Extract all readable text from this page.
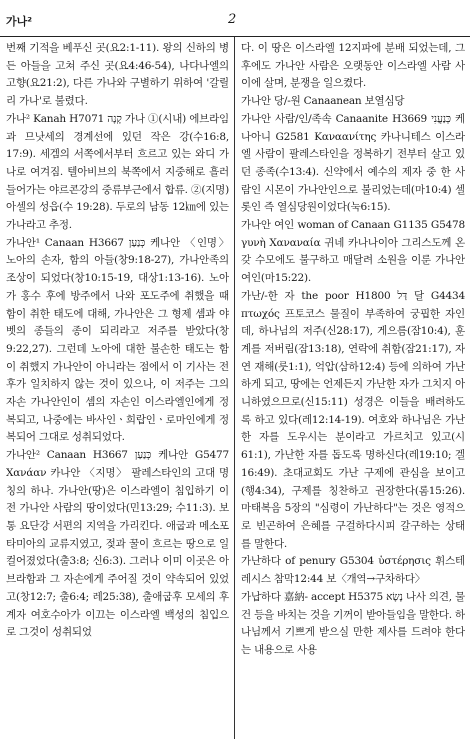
가나²	2

번째 기적을 베푸신 곳(요2:1-11). 왕의 신하의 병든 아들을 고쳐 주신 곳(요4:46-54), 나다나엘의 고향(요21:2), 다른 가나와 구별하기 위하여 '갈릴리 가나'로 불렸다.

가나² Kanah H7071 קָנָה 가나 ①(시내) 에브라임과 므낫세의 경계선에 있던 작은 강(수16:8, 17:9). 세겜의 서쪽에서부터 흐르고 있는 와디 가나로 여겨짐. 텔아비브의 북쪽에서 지중해로 흘러 들어가는 야르콘강의 중류부근에서 합류. ②(지명) 아셀의 성읍(수 19:28). 두로의 남동 12㎞에 있는 가나라고 추정.

가나안¹ Canaan H3667 כְּנַעַן 케나안 〈인명〉 노아의 손자, 함의 아들(창9:18-27), 가나안족의 조상이 되었다(창10:15-19, 대상1:13-16). 노아가 홍수 후에 방주에서 나와 포도주에 취했을 때 함이 취한 태도에 대해, 가나안은 그 형제 셈과 야벳의 종들의 종이 되리라고 저주를 받았다(창9:22,27). 그런데 노아에 대한 불손한 태도는 함이 취했지 가나안이 아니라는 점에서 이 기사는 전후가 일치하지 않는 것이 있으나, 이 저주는 그의 자손 가나안인이 셈의 자손인 이스라엘인에게 정복되고, 나중에는 바사인ㆍ희랍인ㆍ로마인에게 정복되어 그대로 성취되었다.

가나안² Canaan H3667 כְּנַעַן 케나안 G5477 Χανάαν 카나안 〈지명〉 팔레스타인의 고대 명칭의 하나. 가나안(땅)은 이스라엘이 침입하기 이전 가나안 사람의 땅이었다(민13:29; 수11:3). 보통 요단강 서편의 지역을 가리킨다. 애굽과 메소포타미아의 교류지였고, 젖과 꿀이 흐르는 땅으로 일컬어졌었다(출3:8; 신6:3). 그러나 이미 이곳은 아브라함과 그 자손에게 주어질 것이 약속되어 있었고(창12:7; 출6:4; 레25:38), 출애굽후 모세의 후계자 여호수아가 이끄는 이스라엘 백성의 침입으로 그것이 성취되었

다. 이 땅은 이스라엘 12지파에 분배 되었는데, 그 후에도 가나안 사람은 오랫동안 이스라엘 사람 사이에 살며, 분쟁을 일으켰다.

가나안 당/-원 Canaanean 보열심당

가나안 사람/인/족속 Canaanite H3669 כְּנַעֲנִי 케나아니 G2581 Καναανίτης 카나니테스 이스라엘 사람이 팔레스타인을 정복하기 전부터 살고 있던 종족(수13:4). 신약에서 예수의 제자 중 한 사람인 시몬이 가나안인으로 불리었는데(마10:4) 셀롯인 즉 열심당원이었다(눅6:15).

가나안 여인 woman of Canaan G1135 G5478 γυνὴ Χαναναία 귀네 카나나이아 그리스도께 온갖 수모에도 불구하고 매달려 소원을 이룬 가나안 여인(마15:22).

가난/-한 자 the poor H1800 דַּל 달 G4434 πτωχός 프토코스 물질이 부족하여 궁핍한 자인데, 하나님의 저주(신28:17), 게으름(잠10:4), 훈계를 저버림(잠13:18), 연락에 취함(잠21:17), 자연 재해(룻1:1), 억압(삼하12:4) 등에 의하여 가난하게 되고, 땅에는 언제든지 가난한 자가 그치지 아니하였으므로(신15:11) 성경은 이들을 배려하도록 하고 있다(레12:14-19). 여호와 하나님은 가난한 자를 도우시는 분이라고 가르치고 있고(시61:1), 가난한 자를 돕도록 명하신다(레19:10; 겔16:49). 초대교회도 가난 구제에 관심을 보이고(행4:34), 구제를 칭찬하고 권장한다(롬15:26). 마태복음 5장의 "심령이 가난하다"는 것은 영적으로 빈곤하여 은혜를 구걸하다시피 갈구하는 상태를 말한다.

가난하다 of penury G5304 ὑστέρησις 휘스테레시스 참막12:44 보〈개역→구차하다〉

가납하다 嘉納- accept H5375 נָשָׂא 나사 의견, 물건 등을 바치는 것을 기꺼이 받아들임을 말한다. 하나님께서 기쁘게 받으실 만한 제사를 드려야 한다는 내용으로 사용
